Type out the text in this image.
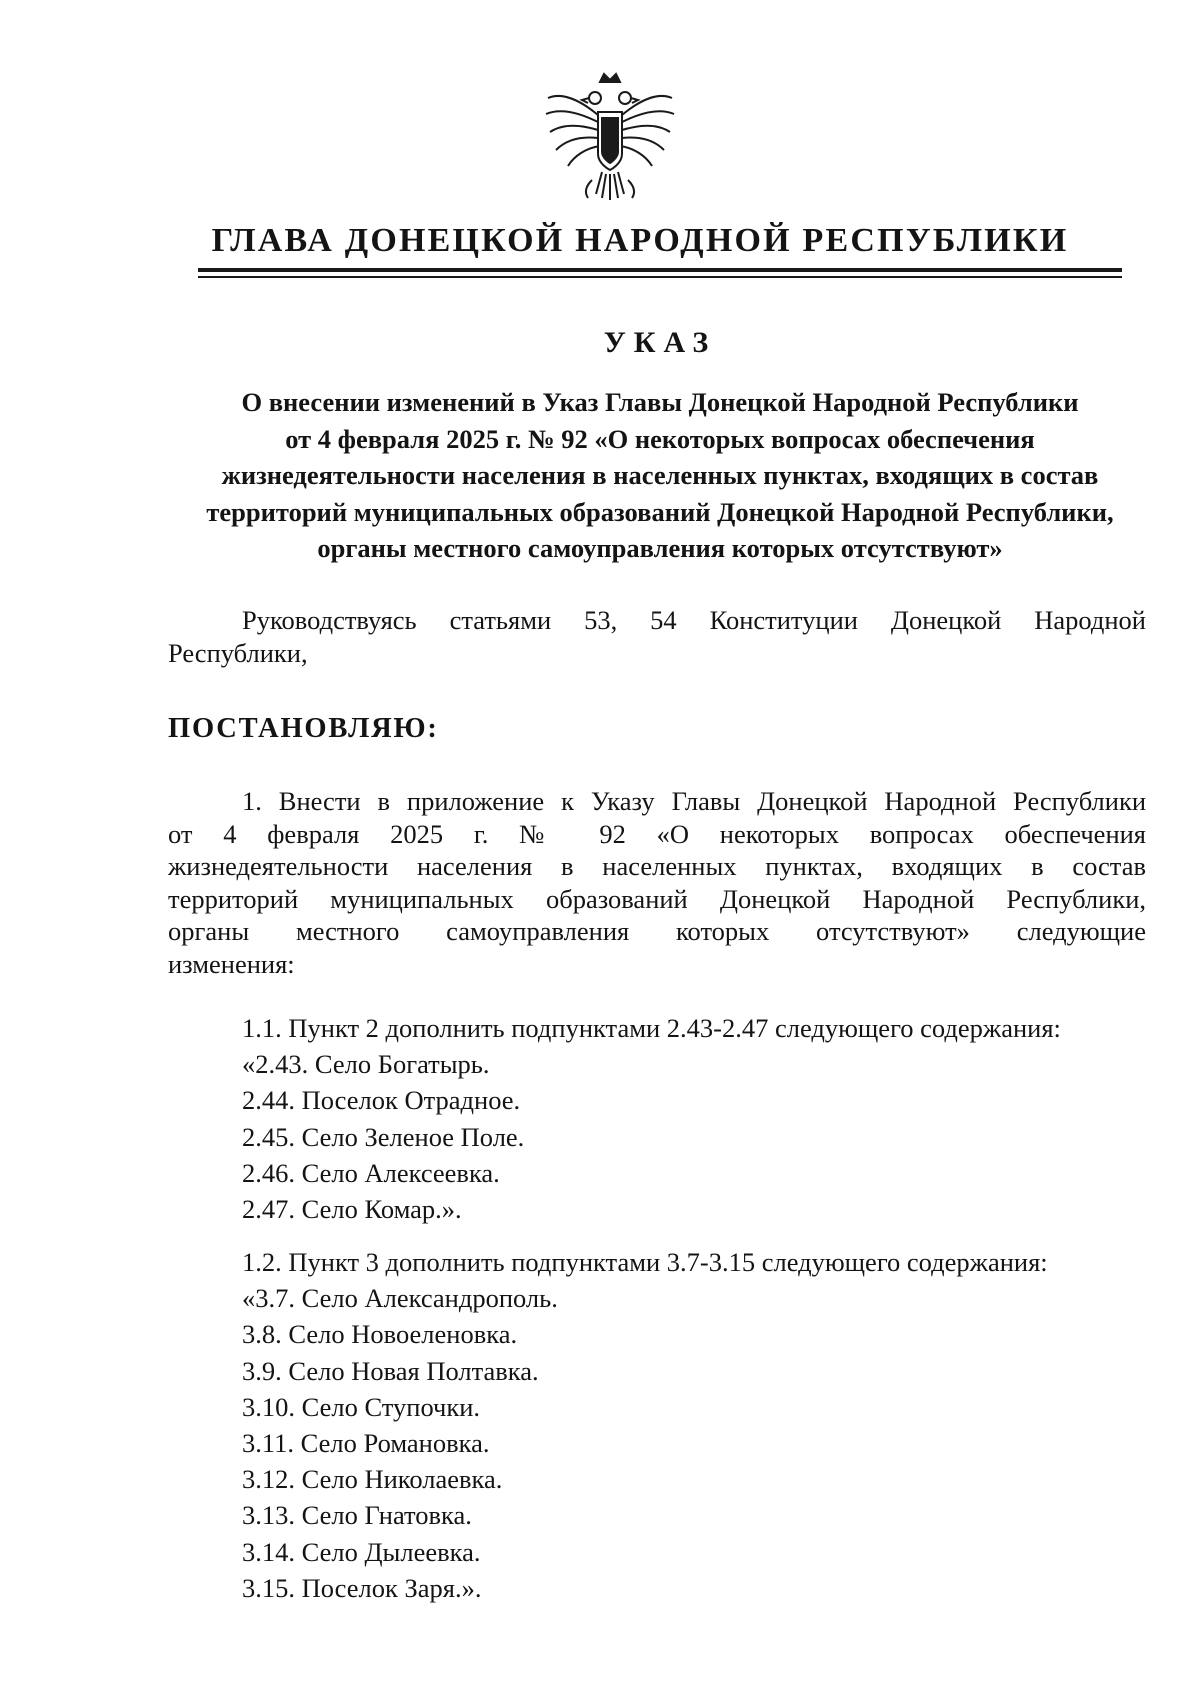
ГЛАВА ДОНЕЦКОЙ НАРОДНОЙ РЕСПУБЛИКИ
УКАЗ
О внесении изменений в Указ Главы Донецкой Народной Республики
от 4 февраля 2025 г. № 92 «О некоторых вопросах обеспечения
жизнедеятельности населения в населенных пунктах, входящих в состав
территорий муниципальных образований Донецкой Народной Республики,
органы местного самоуправления которых отсутствуют»
Руководствуясь статьями 53, 54 Конституции Донецкой Народной
Республики,
ПОСТАНОВЛЯЮ:
1. Внести в приложение к Указу Главы Донецкой Народной Республики
от 4 февраля 2025 г. № 92 «О некоторых вопросах обеспечения
жизнедеятельности населения в населенных пунктах, входящих в состав
территорий муниципальных образований Донецкой Народной Республики,
органы местного самоуправления которых отсутствуют» следующие
изменения:
1.1. Пункт 2 дополнить подпунктами 2.43-2.47 следующего содержания:
«2.43. Село Богатырь.
2.44. Поселок Отрадное.
2.45. Село Зеленое Поле.
2.46. Село Алексеевка.
2.47. Село Комар.».
1.2. Пункт 3 дополнить подпунктами 3.7-3.15 следующего содержания:
«3.7. Село Александрополь.
3.8. Село Новоеленовка.
3.9. Село Новая Полтавка.
3.10. Село Ступочки.
3.11. Село Романовка.
3.12. Село Николаевка.
3.13. Село Гнатовка.
3.14. Село Дылеевка.
3.15. Поселок Заря.».
